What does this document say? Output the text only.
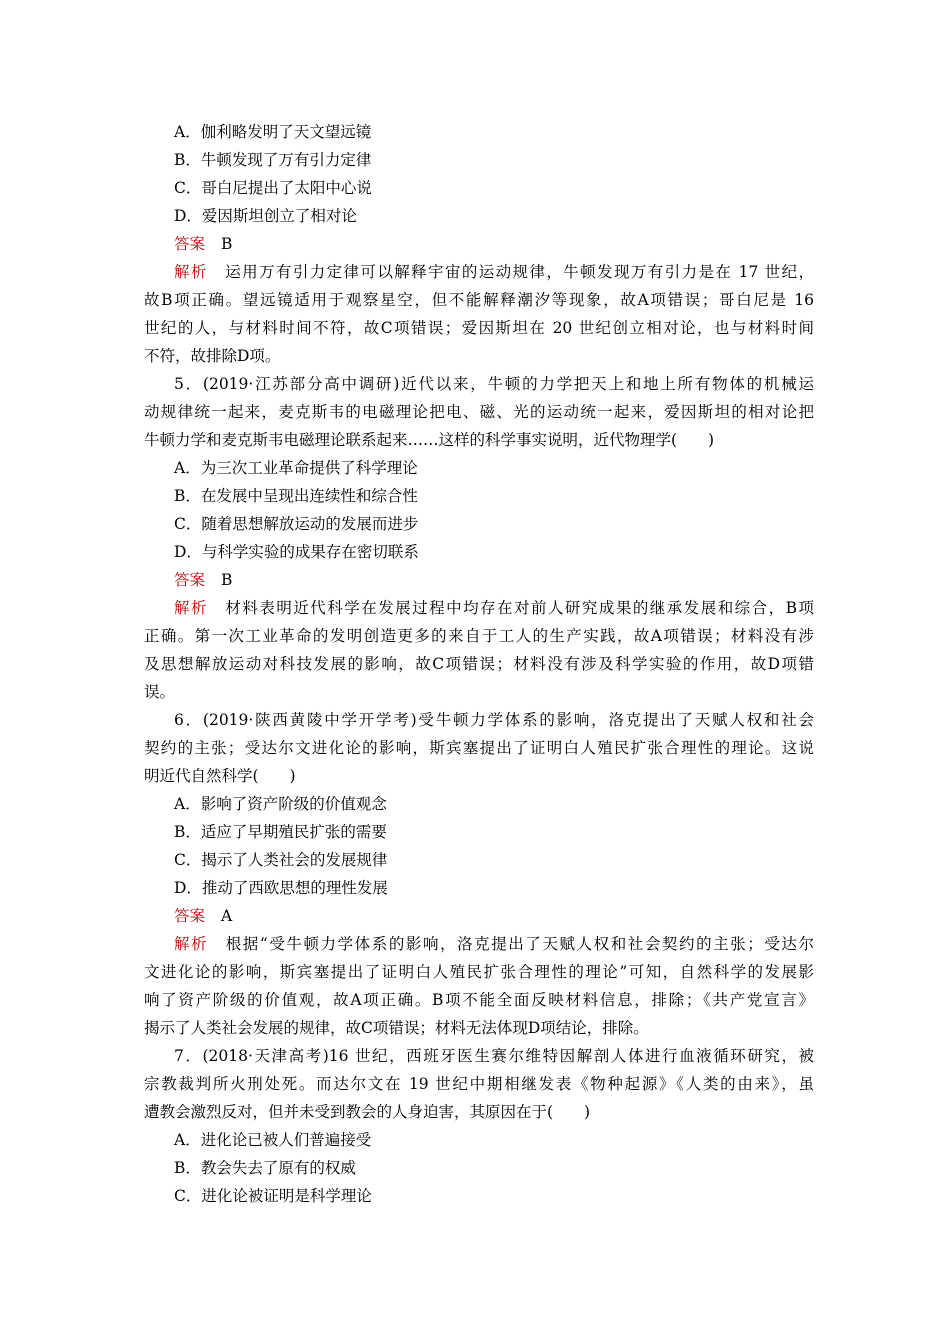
A．伽利略发明了天文望远镜
B．牛顿发现了万有引力定律
C．哥白尼提出了太阳中心说
D．爱因斯坦创立了相对论
答案 B
解析 运用万有引力定律可以解释宇宙的运动规律，牛顿发现万有引力是在 17 世纪，
故B项正确。望远镜适用于观察星空，但不能解释潮汐等现象，故A项错误；哥白尼是 16
世纪的人，与材料时间不符，故C项错误；爱因斯坦在 20 世纪创立相对论，也与材料时间
不符，故排除D项。
5．(2019·江苏部分高中调研)近代以来，牛顿的力学把天上和地上所有物体的机械运
动规律统一起来，麦克斯韦的电磁理论把电、磁、光的运动统一起来，爱因斯坦的相对论把
牛顿力学和麦克斯韦电磁理论联系起来……这样的科学事实说明，近代物理学(　　)
A．为三次工业革命提供了科学理论
B．在发展中呈现出连续性和综合性
C．随着思想解放运动的发展而进步
D．与科学实验的成果存在密切联系
答案 B
解析 材料表明近代科学在发展过程中均存在对前人研究成果的继承发展和综合，B项
正确。第一次工业革命的发明创造更多的来自于工人的生产实践，故A项错误；材料没有涉
及思想解放运动对科技发展的影响，故C项错误；材料没有涉及科学实验的作用，故D项错
误。
6．(2019·陕西黄陵中学开学考)受牛顿力学体系的影响，洛克提出了天赋人权和社会
契约的主张；受达尔文进化论的影响，斯宾塞提出了证明白人殖民扩张合理性的理论。这说
明近代自然科学(　　)
A．影响了资产阶级的价值观念
B．适应了早期殖民扩张的需要
C．揭示了人类社会的发展规律
D．推动了西欧思想的理性发展
答案 A
解析 根据“受牛顿力学体系的影响，洛克提出了天赋人权和社会契约的主张；受达尔
文进化论的影响，斯宾塞提出了证明白人殖民扩张合理性的理论”可知，自然科学的发展影
响了资产阶级的价值观，故A项正确。B项不能全面反映材料信息，排除；《共产党宣言》
揭示了人类社会发展的规律，故C项错误；材料无法体现D项结论，排除。
7．(2018·天津高考)16 世纪，西班牙医生赛尔维特因解剖人体进行血液循环研究，被
宗教裁判所火刑处死。而达尔文在 19 世纪中期相继发表《物种起源》《人类的由来》，虽
遭教会激烈反对，但并未受到教会的人身迫害，其原因在于(　　)
A．进化论已被人们普遍接受
B．教会失去了原有的权威
C．进化论被证明是科学理论
